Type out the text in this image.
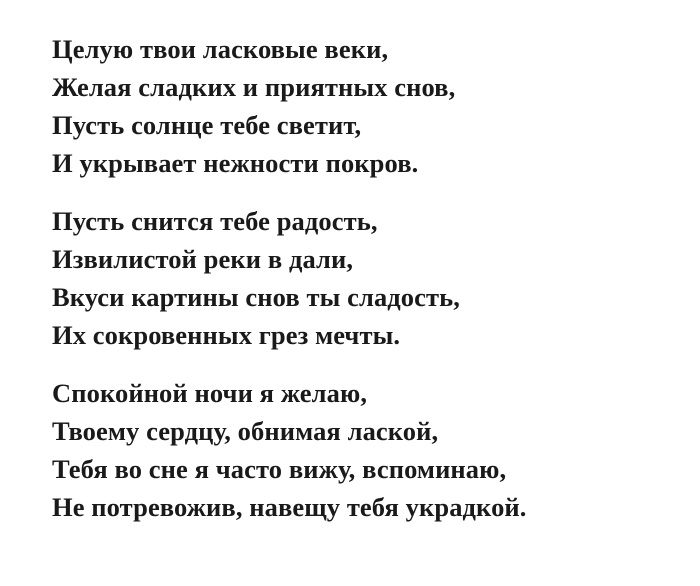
Целую твои ласковые веки,
Желая сладких и приятных снов,
Пусть солнце тебе светит,
И укрывает нежности покров.
Пусть снится тебе радость,
Извилистой реки в дали,
Вкуси картины снов ты сладость,
Их сокровенных грез мечты.
Спокойной ночи я желаю,
Твоему сердцу, обнимая лаской,
Тебя во сне я часто вижу, вспоминаю,
Не потревожив, навещу тебя украдкой.
